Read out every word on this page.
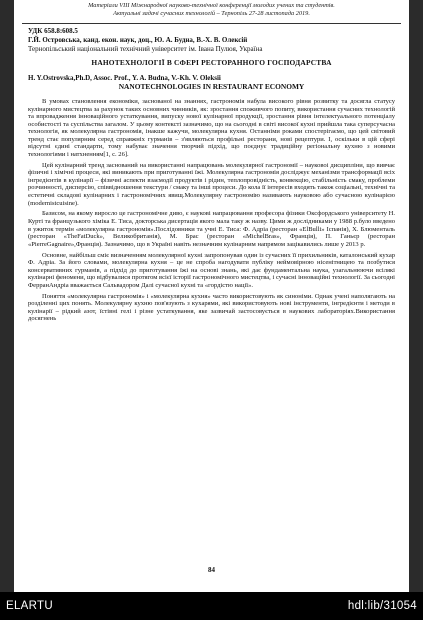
Матеріали VIII Міжнародної науково-технічної конференції молодих учених та студентів.
Актуальні задачі сучасних технологій – Тернопіль 27-28 листопада 2019.
УДК 658.8:608.5
Г.Й. Островська, канд. екон. наук, доц., Ю. А. Будна, В.-Х. В. Олексій
Тернопільський національний технічний університет ім. Івана Пулюя, Україна
НАНОТЕХНОЛОГІЇ В СФЕРІ РЕСТОРАННОГО ГОСПОДАРСТВА
H. Y.Ostrovska,Ph.D, Assoc. Prof., Y. A. Budna, V.-Kh. V. Oleksii
NANOTECHNOLOGIES IN RESTAURANT ECONOMY

В умовах становлення економіки, заснованої на знаннях, гастрономія набула високого рівня розвитку та досягла статусу кулінарного мистецтва за рахунок таких основних чинників, як: зростання споживчого попиту, використання сучасних технологій та впровадження інноваційного устаткування, випуску нової кулінарної продукції, зростання рівня інтелектуального потенціалу особистості та суспільства загалом. У цьому контексті зазначимо, що на сьогодні в світі високої кухні прийшла така суперсучасна технологія, як молекулярна гастрономія, інакше кажучи, молекулярна кухня. Останніми роками спостерігаємо, що цей світовий тренд стає популярним серед справжніх гурманів – з'являються профільні ресторани, нові рецептури. І, оскільки в цій сфері відсутні єдині стандарти, тому набуває значення творчий підхід, що поєднує традиційну регіональну кухню з новими технологіями і натхненням[1, с. 26].

Цей кулінарний тренд заснований на використанні напрацювань молекулярної гастрономії – науковоі дисципліни, що вивчає фізичні і хімічні процеси, які виникають при приготуванні їжі. Молекулярна гастрономія досліджує механізми трансформації всіх інгредієнтів в кулінарії – фізичні аспекти взаємодії продуктів і рідин, теплопровідність, конвекцію, стабільність смаку, проблеми розчинності, дисперсію, співвідношення текстури / смаку та інші процеси. До кола її інтересів входять також соціальні, технічні та естетичні складові кулінарних і гастрономічних явищ.Молекулярну гастрономію називають науковою або сучасною кулінарією (modernistcuisine).

Базисом, на якому виросло це гастрономічне диво, є наукові напрацювання професора фізики Оксфордського університету Н. Курті та французького хіміка Е. Тиса, докторська дисертація якого мала таку ж назву. Цими ж дослідниками у 1988 р.було введено в ужиток термін «молекулярна гастрономія».Послідовники та учні Е. Тиса: Ф. Адріа (ресторан «ElBulli» Іспанія), Х. Блюменталь (ресторан «TheFatDuck», Великобританія), М. Брас (ресторан «MichelBras», Франція), П. Ганьєр (ресторан «PierreGagnaire»,Франція). Зазначимо, що в Україні навіть незначним кулінарним напрямом зацікавились лише у 2013 р.

Основне, найбільш сміє визначенням молекулярної кухні запропонував один із сучасних її прихильників, каталонський кухар Ф. Адріа. За його словами, молекулярна кухня – це не спроба нагодувати публіку неймовірною нісенітницею та позбутися консервативних гурманів, а підхід до приготування їжі на основі знань, які дає фундаментальна наука, узагальнюючи всілякі кулінарні феномени, що відбувалися протягом всієї історії гастрономічного мистецтва, і сучасні інноваційні технології. За сьогодні ФерранАндріа вважається Сальвадором Далі сучасної кухні та «гордістю нації».

Поняття «молекулярна гастрономія» і «молекулярна кухня» часто використовують як синоніми. Однак учені наполягають на розділенні цих понять. Молекулярну кухню пов'язують з кухарями, які використовують нові інструменти, інгредієнти і методи в кулінарії – рідкий азот, їстівні гелі і різне устаткування, яке зазвичай застосовується в наукових лабораторіях.Використання досягнень

84
ELARTU	hdl:lib/31054
